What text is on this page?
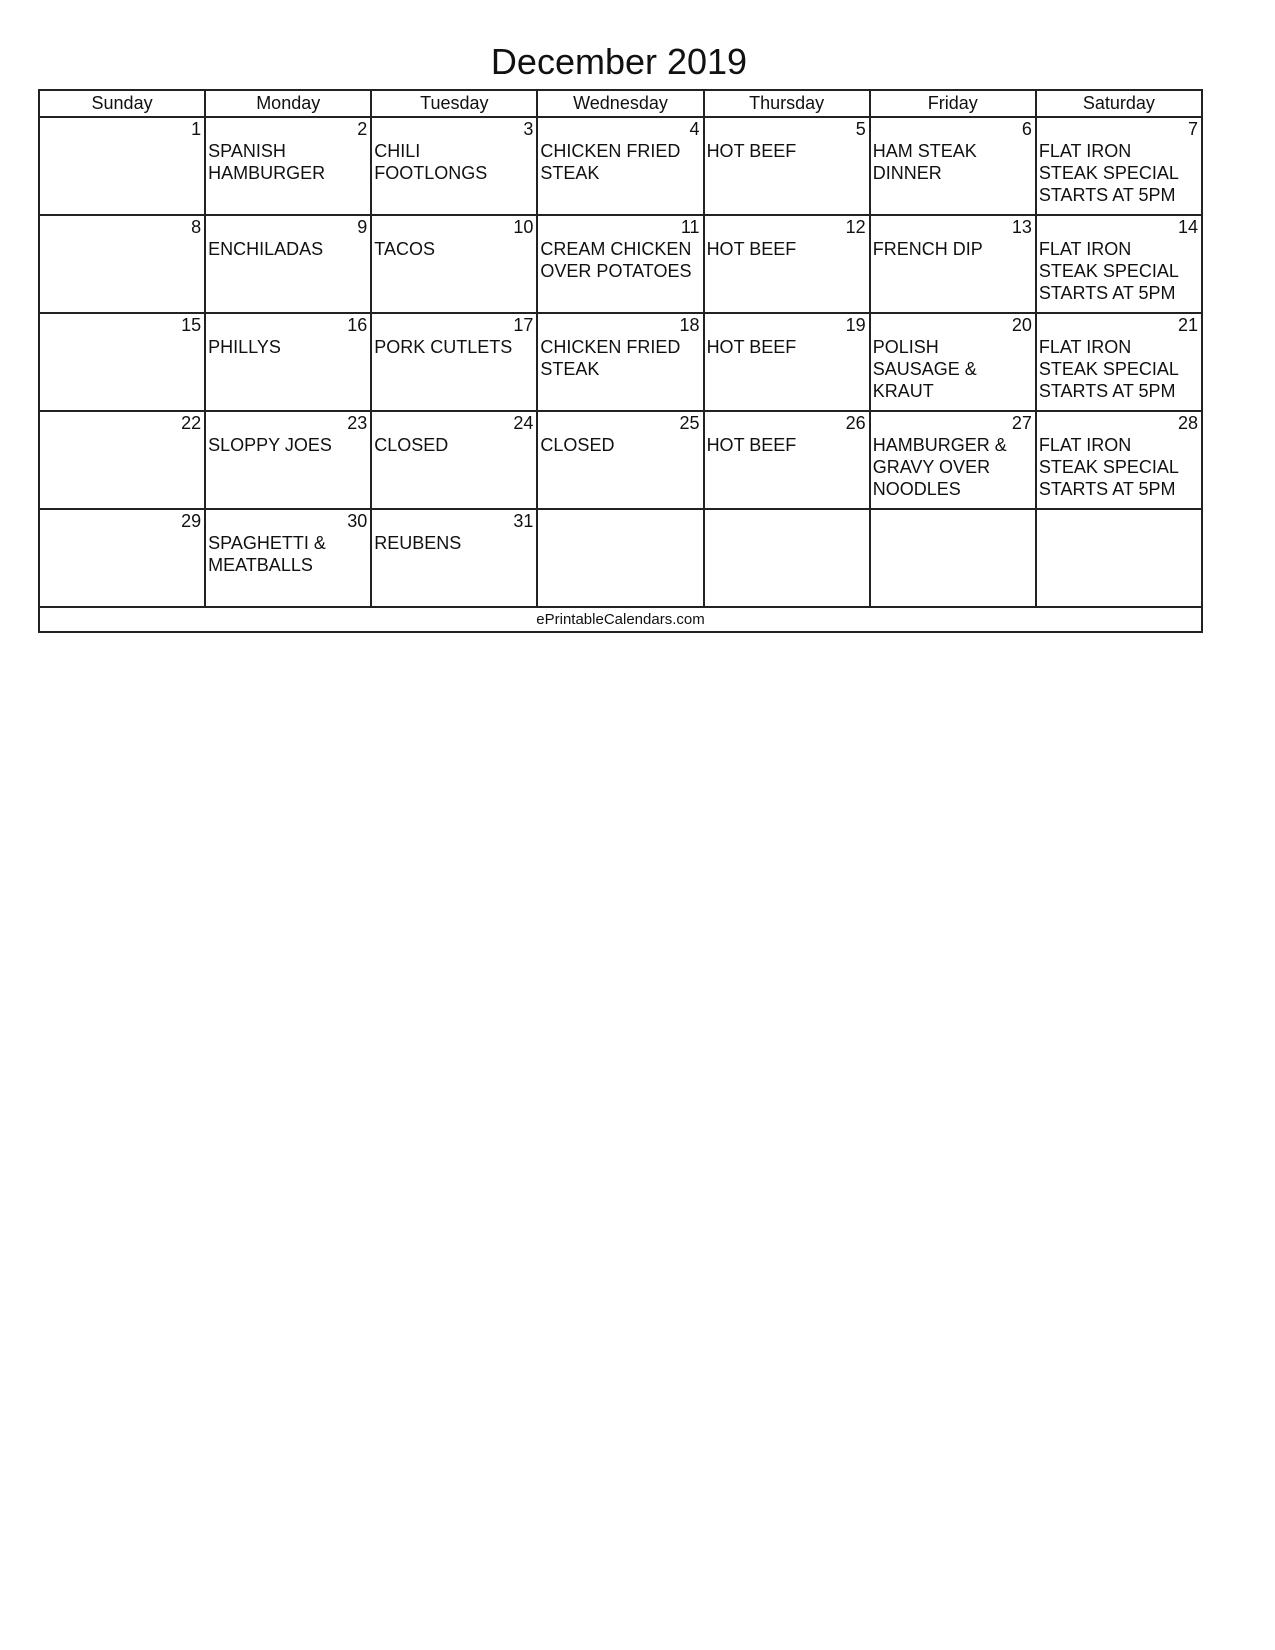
December 2019
Sunday	Monday	Tuesday	Wednesday	Thursday	Friday	Saturday

1	2
SPANISH
HAMBURGER	3
CHILI
FOOTLONGS	4
CHICKEN FRIED
STEAK	5
HOT BEEF	6
HAM STEAK
DINNER	7
FLAT IRON
STEAK SPECIAL
STARTS AT 5PM

8	9
ENCHILADAS	10
TACOS	11
CREAM CHICKEN
OVER POTATOES	12
HOT BEEF	13
FRENCH DIP	14
FLAT IRON
STEAK SPECIAL
STARTS AT 5PM

15	16
PHILLYS	17
PORK CUTLETS	18
CHICKEN FRIED
STEAK	19
HOT BEEF	20
POLISH
SAUSAGE &
KRAUT	21
FLAT IRON
STEAK SPECIAL
STARTS AT 5PM

22	23
SLOPPY JOES	24
CLOSED	25
CLOSED	26
HOT BEEF	27
HAMBURGER &
GRAVY OVER
NOODLES	28
FLAT IRON
STEAK SPECIAL
STARTS AT 5PM

29	30
SPAGHETTI &
MEATBALLS	31
REUBENS				

ePrintableCalendars.com						
